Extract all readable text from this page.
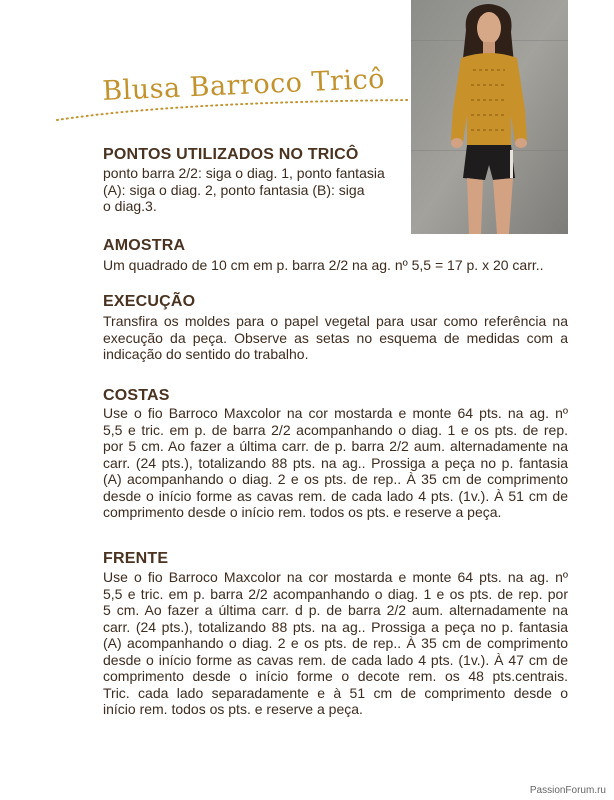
Blusa Barroco Tricô
PONTOS UTILIZADOS NO TRICÔ
ponto barra 2/2: siga o diag. 1, ponto fantasia
(A): siga o diag. 2, ponto fantasia (B): siga
o diag.3.
AMOSTRA
Um quadrado de 10 cm em p. barra 2/2 na ag. nº 5,5 = 17 p. x 20 carr..
EXECUÇÃO
Transfira os moldes para o papel vegetal para usar como referência na
execução da peça. Observe as setas no esquema de medidas com a
indicação do sentido do trabalho.
COSTAS
Use o fio Barroco Maxcolor na cor mostarda e monte 64 pts. na ag. nº
5,5 e tric. em p. de barra 2/2 acompanhando o diag. 1 e os pts. de rep.
por 5 cm. Ao fazer a última carr. de p. barra 2/2 aum. alternadamente na
carr. (24 pts.), totalizando 88 pts. na ag.. Prossiga a peça no p. fantasia
(A) acompanhando o diag. 2 e os pts. de rep.. À 35 cm de comprimento
desde o início forme as cavas rem. de cada lado 4 pts. (1v.). À 51 cm de
comprimento desde o início rem. todos os pts. e reserve a peça.
FRENTE
Use o fio Barroco Maxcolor na cor mostarda e monte 64 pts. na ag. nº
5,5 e tric. em p. barra 2/2 acompanhando o diag. 1 e os pts. de rep. por
5 cm. Ao fazer a última carr. d p. de barra 2/2 aum. alternadamente na
carr. (24 pts.), totalizando 88 pts. na ag.. Prossiga a peça no p. fantasia
(A) acompanhando o diag. 2 e os pts. de rep.. À 35 cm de comprimento
desde o início forme as cavas rem. de cada lado 4 pts. (1v.). À 47 cm de
comprimento desde o início forme o decote rem. os 48 pts.centrais.
Tric. cada lado separadamente e à 51 cm de comprimento desde o
início rem. todos os pts. e reserve a peça.
PassionForum.ru
